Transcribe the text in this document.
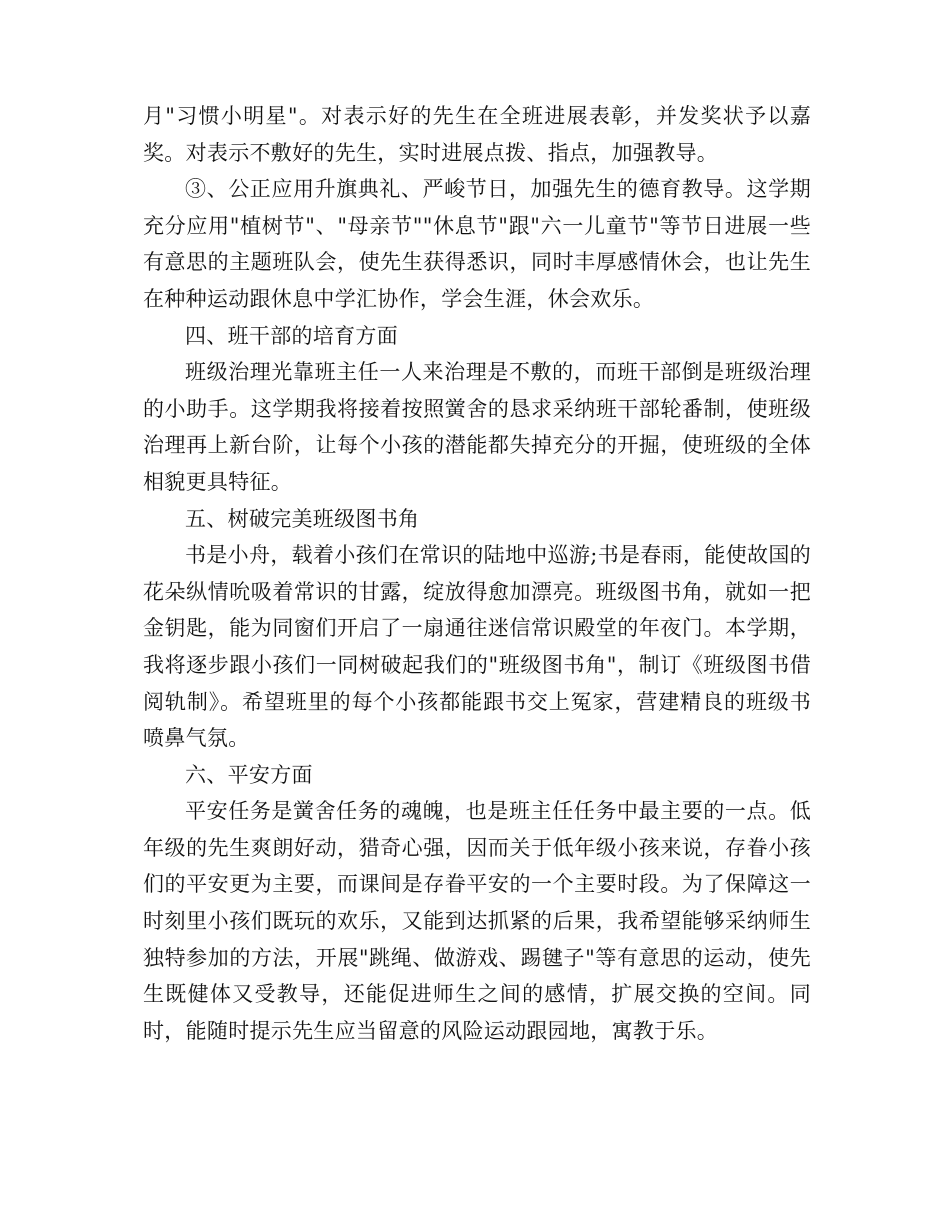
月"习惯小明星"。对表示好的先生在全班进展表彰，并发奖状予以嘉奖。对表示不敷好的先生，实时进展点拨、指点，加强教导。

③、公正应用升旗典礼、严峻节日，加强先生的德育教导。这学期充分应用"植树节"、"母亲节""休息节"跟"六一儿童节"等节日进展一些有意思的主题班队会，使先生获得悉识，同时丰厚感情休会，也让先生在种种运动跟休息中学汇协作，学会生涯，休会欢乐。

四、班干部的培育方面

班级治理光靠班主任一人来治理是不敷的，而班干部倒是班级治理的小助手。这学期我将接着按照黉舍的恳求采纳班干部轮番制，使班级治理再上新台阶，让每个小孩的潜能都失掉充分的开掘，使班级的全体相貌更具特征。

五、树破完美班级图书角

书是小舟，载着小孩们在常识的陆地中巡游;书是春雨，能使故国的花朵纵情吮吸着常识的甘露，绽放得愈加漂亮。班级图书角，就如一把金钥匙，能为同窗们开启了一扇通往迷信常识殿堂的年夜门。本学期，我将逐步跟小孩们一同树破起我们的"班级图书角"，制订《班级图书借阅轨制》。希望班里的每个小孩都能跟书交上冤家，营建精良的班级书喷鼻气氛。

六、平安方面

平安任务是黉舍任务的魂魄，也是班主任任务中最主要的一点。低年级的先生爽朗好动，猎奇心强，因而关于低年级小孩来说，存眷小孩们的平安更为主要，而课间是存眷平安的一个主要时段。为了保障这一时刻里小孩们既玩的欢乐，又能到达抓紧的后果，我希望能够采纳师生独特参加的方法，开展"跳绳、做游戏、踢毽子"等有意思的运动，使先生既健体又受教导，还能促进师生之间的感情，扩展交换的空间。同时，能随时提示先生应当留意的风险运动跟园地，寓教于乐。
